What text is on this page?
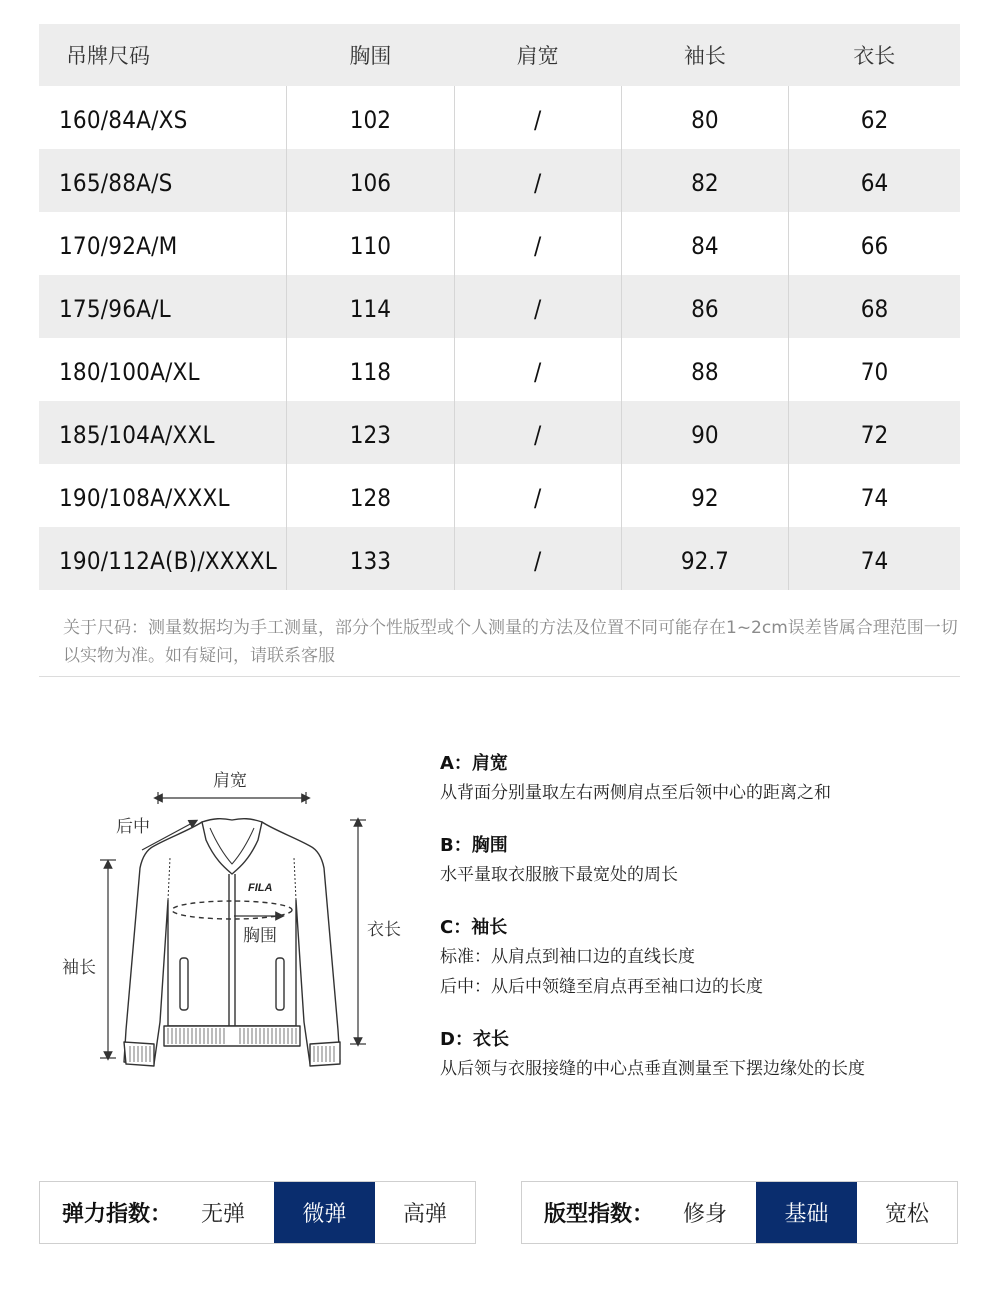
吊牌尺码	胸围	肩宽	袖长	衣长
160/84A/XS	102	/	80	62
165/88A/S	106	/	82	64
170/92A/M	110	/	84	66
175/96A/L	114	/	86	68
180/100A/XL	118	/	88	70
185/104A/XXL	123	/	90	72
190/108A/XXXL	128	/	92	74
190/112A(B)/XXXXL	133	/	92.7	74
关于尺码：测量数据均为手工测量，部分个性版型或个人测量的方法及位置不同可能存在1~2cm误差皆属合理范围一切以实物为准。如有疑问，请联系客服
FILA
肩宽
后中
袖长
胸围	衣长
A：肩宽
从背面分别量取左右两侧肩点至后领中心的距离之和
B：胸围
水平量取衣服腋下最宽处的周长
C：袖长
标准：从肩点到袖口边的直线长度
后中：从后中领缝至肩点再至袖口边的长度
D：衣长
从后领与衣服接缝的中心点垂直测量至下摆边缘处的长度
弹力指数：	无弹	微弹	高弹	版型指数：	修身	基础	宽松
